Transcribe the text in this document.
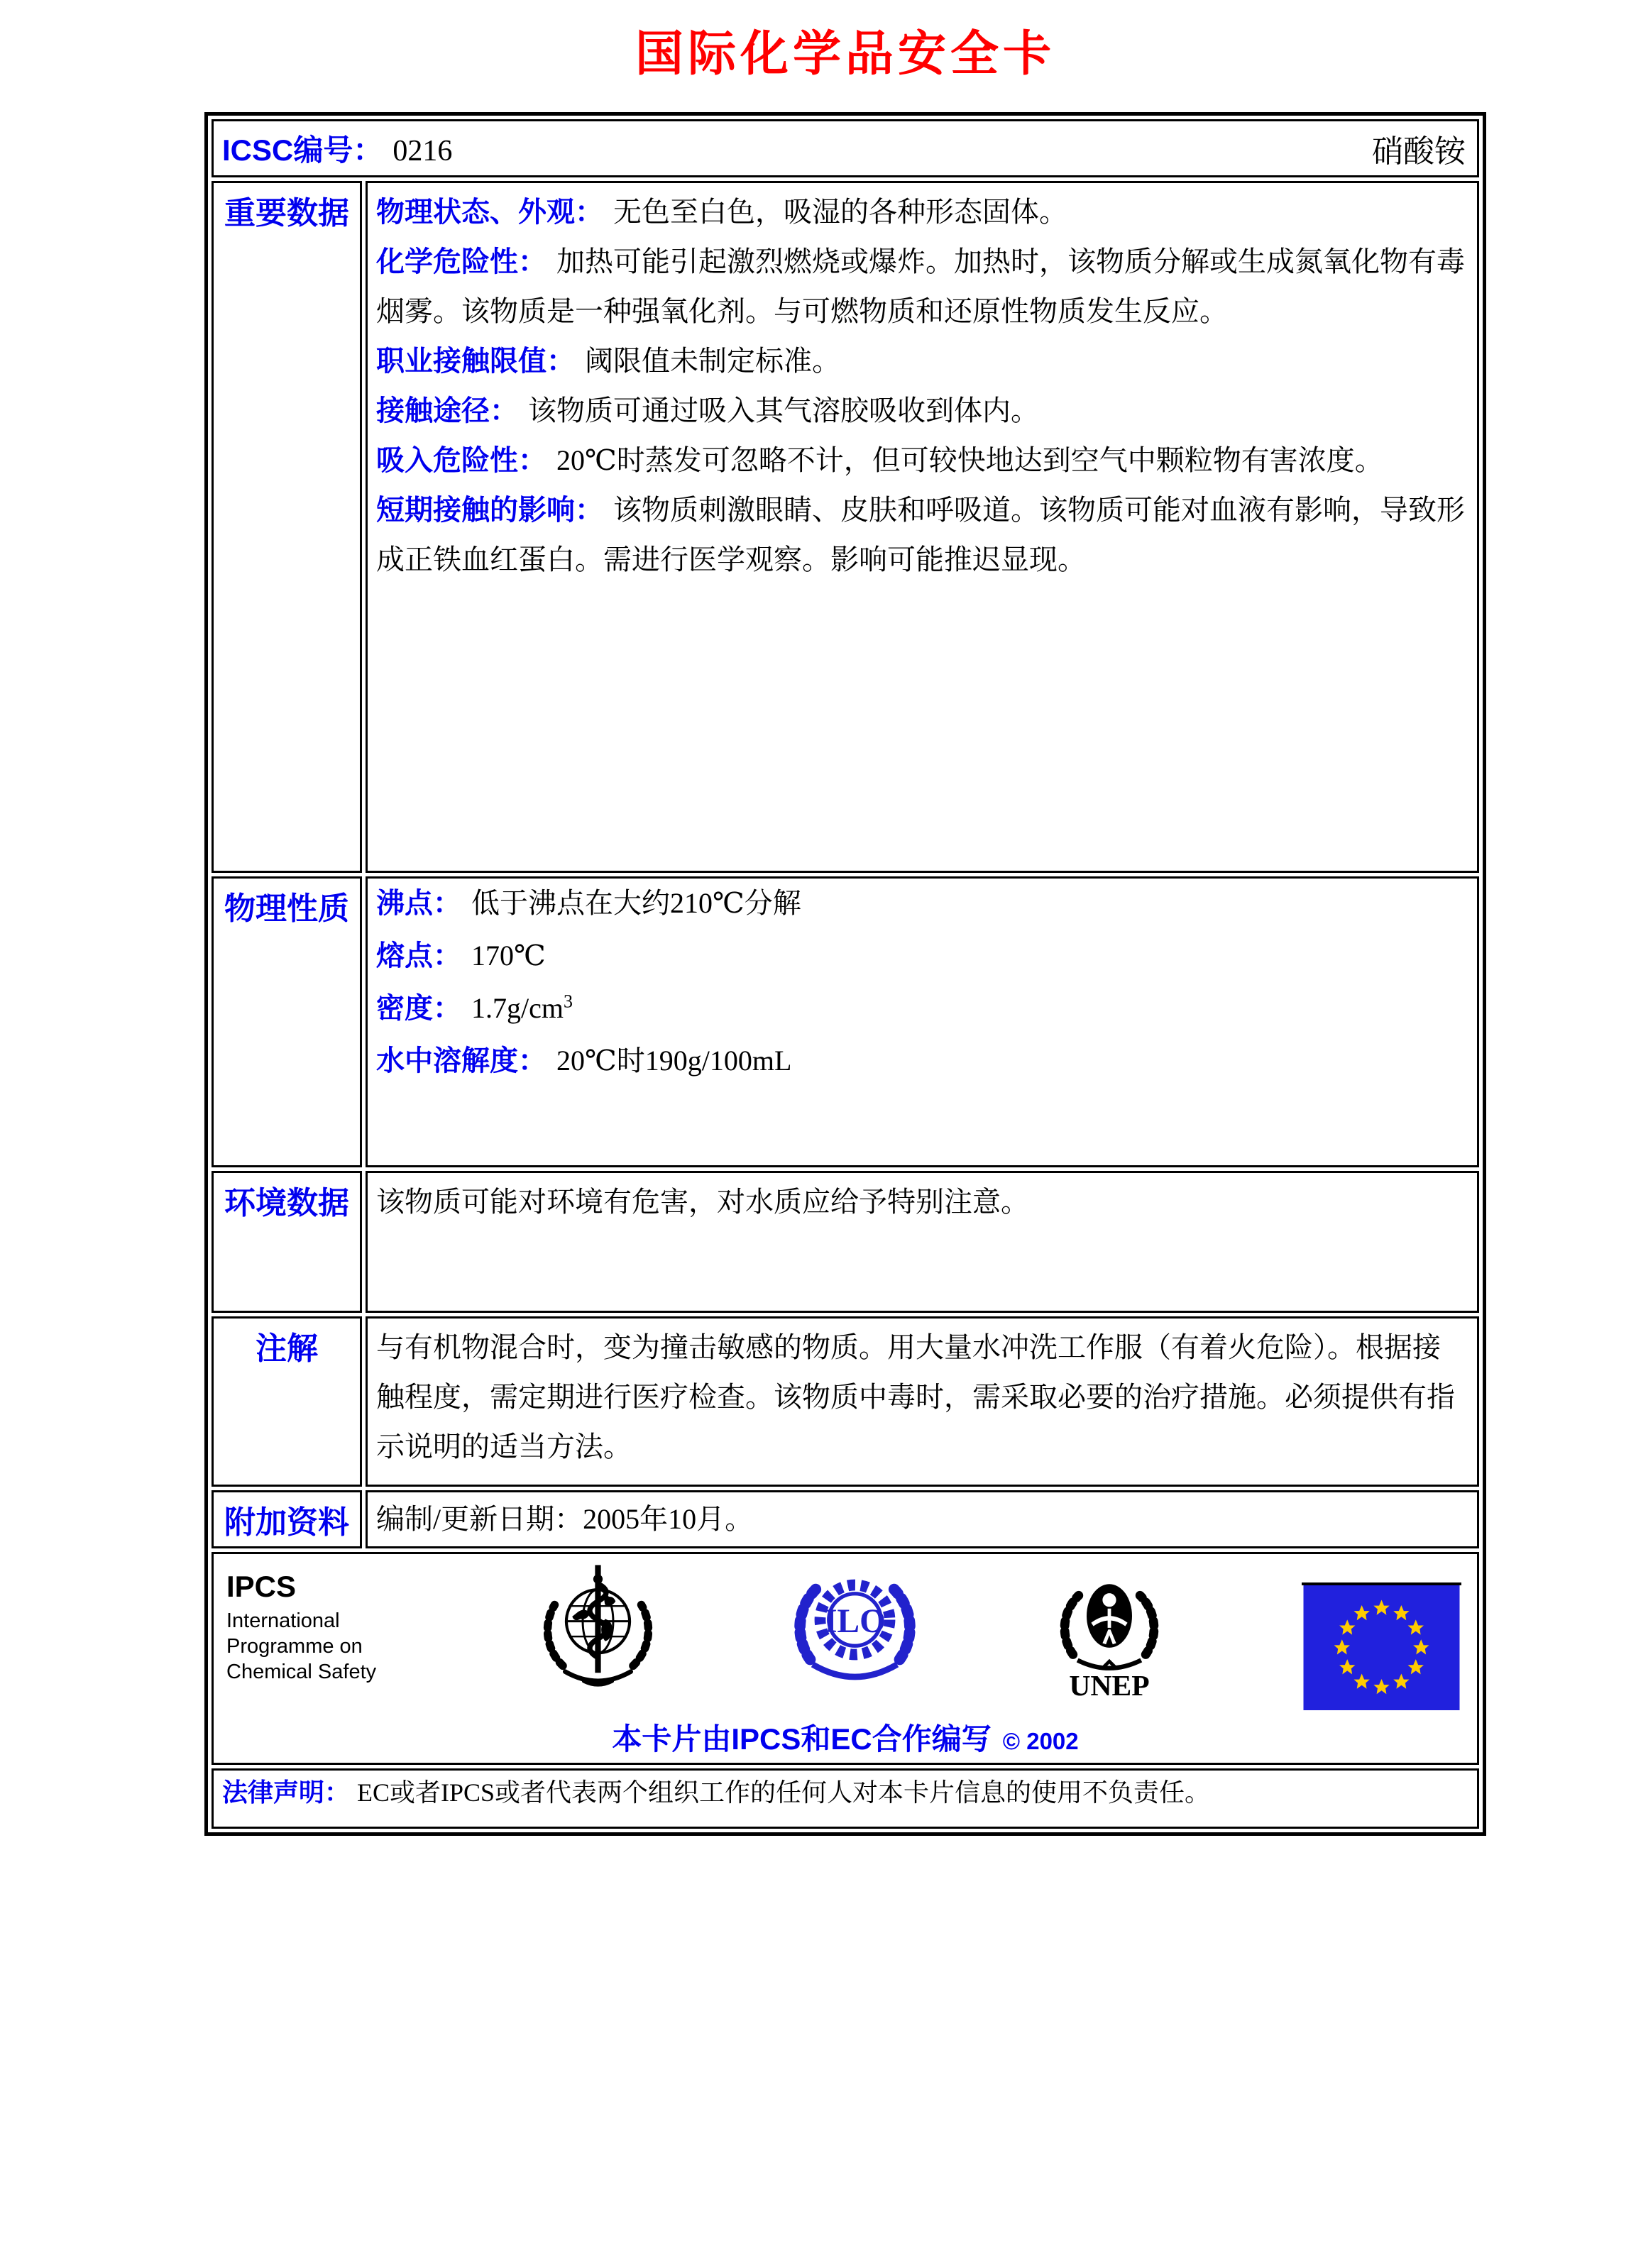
国际化学品安全卡
ICSC编号： 0216 硝酸铵	

重要数据	物理状态、外观： 无色至白色，吸湿的各种形态固体。

化学危险性： 加热可能引起激烈燃烧或爆炸。加热时，该物质分解或生成氮氧化物有毒烟雾。该物质是一种强氧化剂。与可燃物质和还原性物质发生反应。

职业接触限值： 阈限值未制定标准。

接触途径： 该物质可通过吸入其气溶胶吸收到体内。

吸入危险性： 20℃时蒸发可忽略不计，但可较快地达到空气中颗粒物有害浓度。

短期接触的影响： 该物质刺激眼睛、皮肤和呼吸道。该物质可能对血液有影响，导致形成正铁血红蛋白。需进行医学观察。影响可能推迟显现。

物理性质	沸点： 低于沸点在大约210℃分解

熔点： 170℃

密度： $1.7g/cm^3$

水中溶解度： 20℃时190g/100mL

环境数据	该物质可能对环境有危害，对水质应给予特别注意。

注解	与有机物混合时，变为撞击敏感的物质。用大量水冲洗工作服（有着火危险）。根据接触程度，需定期进行医疗检查。该物质中毒时，需采取必要的治疗措施。必须提供有指示说明的适当方法。

附加资料	编制/更新日期：2005年10月。

IPCS

International

Programme on

Chemical Safety

ILO
UNEP
本卡片由IPCS和EC合作编写 © 2002

法律声明： EC或者IPCS或者代表两个组织工作的任何人对本卡片信息的使用不负责任。	
